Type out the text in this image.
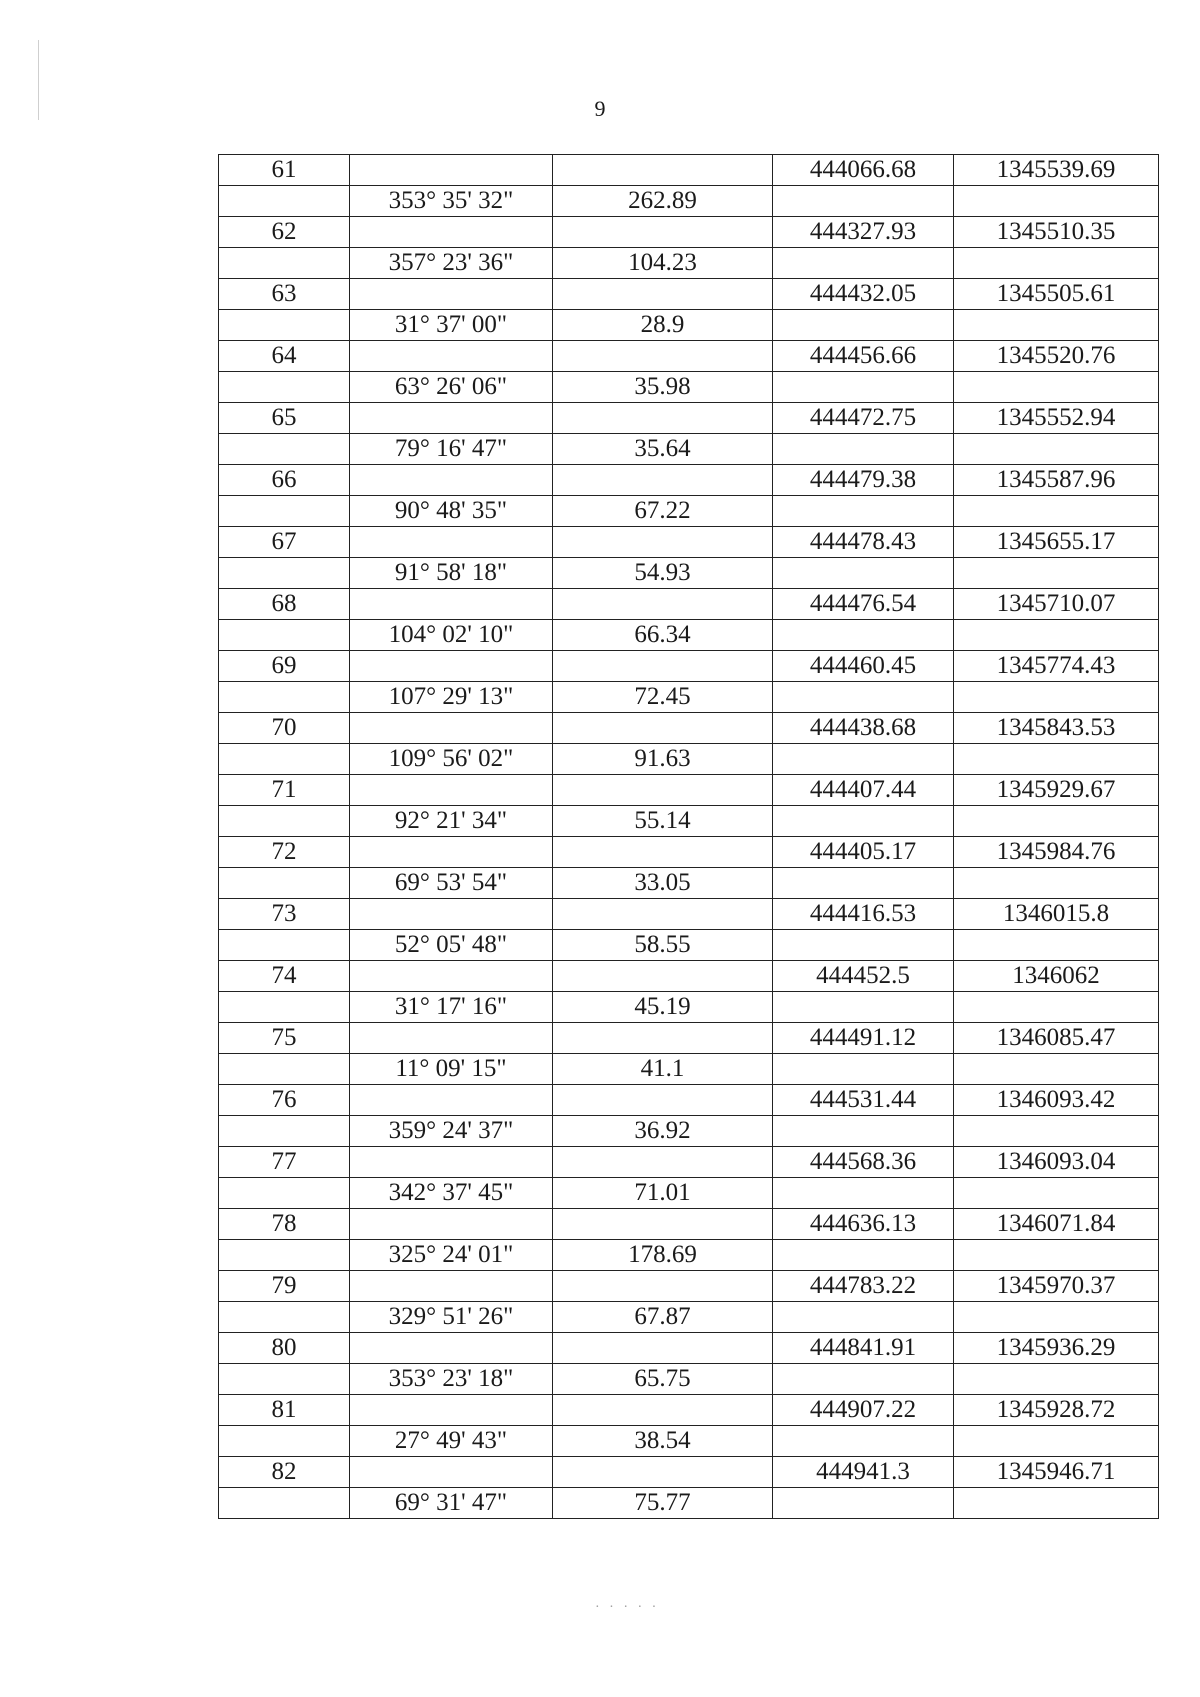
9
61			444066.68	1345539.69
	353° 35' 32"	262.89		
62			444327.93	1345510.35
	357° 23' 36"	104.23		
63			444432.05	1345505.61
	31° 37' 00"	28.9		
64			444456.66	1345520.76
	63° 26' 06"	35.98		
65			444472.75	1345552.94
	79° 16' 47"	35.64		
66			444479.38	1345587.96
	90° 48' 35"	67.22		
67			444478.43	1345655.17
	91° 58' 18"	54.93		
68			444476.54	1345710.07
	104° 02' 10"	66.34		
69			444460.45	1345774.43
	107° 29' 13"	72.45		
70			444438.68	1345843.53
	109° 56' 02"	91.63		
71			444407.44	1345929.67
	92° 21' 34"	55.14		
72			444405.17	1345984.76
	69° 53' 54"	33.05		
73			444416.53	1346015.8
	52° 05' 48"	58.55		
74			444452.5	1346062
	31° 17' 16"	45.19		
75			444491.12	1346085.47
	11° 09' 15"	41.1		
76			444531.44	1346093.42
	359° 24' 37"	36.92		
77			444568.36	1346093.04
	342° 37' 45"	71.01		
78			444636.13	1346071.84
	325° 24' 01"	178.69		
79			444783.22	1345970.37
	329° 51' 26"	67.87		
80			444841.91	1345936.29
	353° 23' 18"	65.75		
81			444907.22	1345928.72
	27° 49' 43"	38.54		
82			444941.3	1345946.71
	69° 31' 47"	75.77		
· · · · ·
